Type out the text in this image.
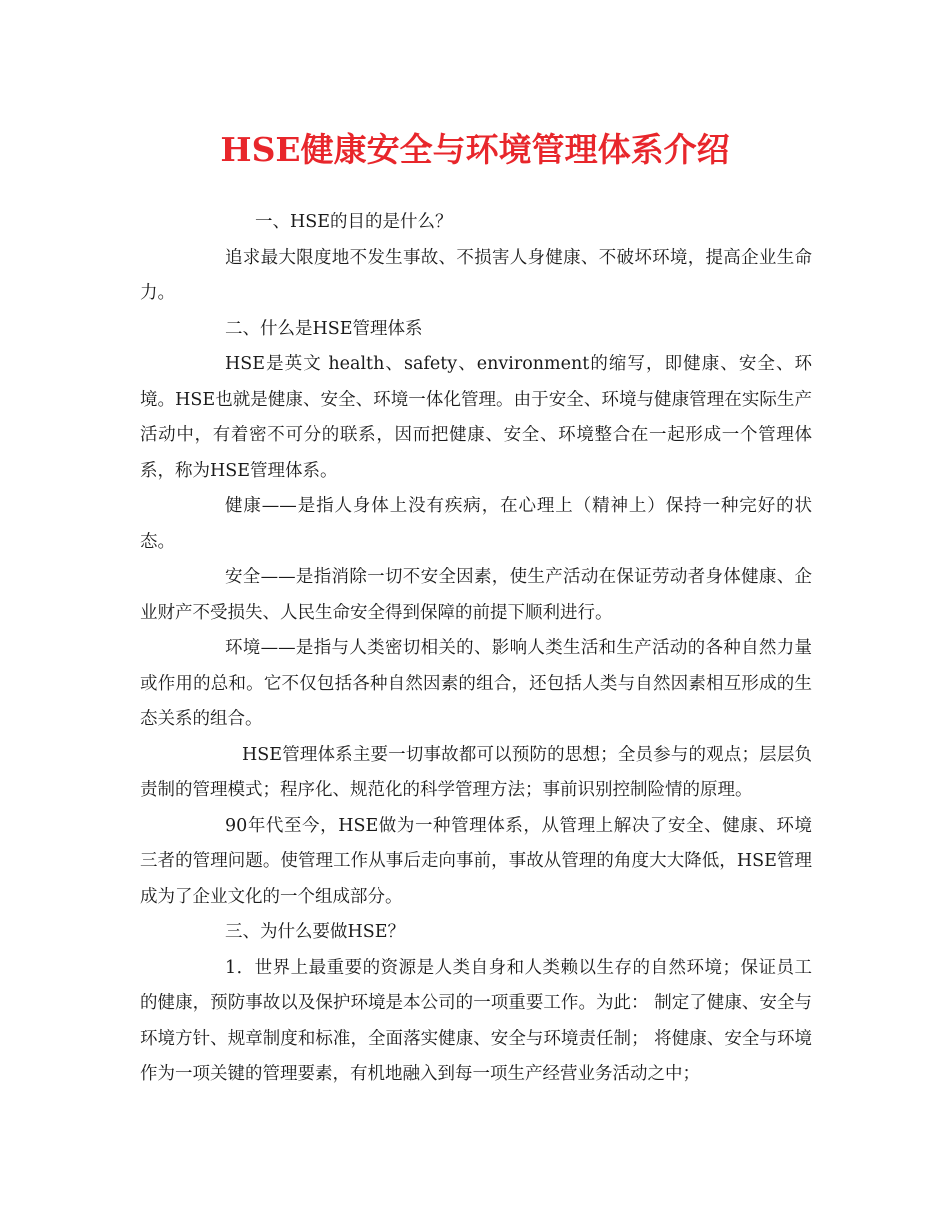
HSE健康安全与环境管理体系介绍

一、HSE的目的是什么？

追求最大限度地不发生事故、不损害人身健康、不破坏环境，提高企业生命力。

二、什么是HSE管理体系

HSE是英文 health、safety、environment的缩写，即健康、安全、环境。HSE也就是健康、安全、环境一体化管理。由于安全、环境与健康管理在实际生产活动中，有着密不可分的联系，因而把健康、安全、环境整合在一起形成一个管理体系，称为HSE管理体系。

健康——是指人身体上没有疾病，在心理上（精神上）保持一种完好的状态。

安全——是指消除一切不安全因素，使生产活动在保证劳动者身体健康、企业财产不受损失、人民生命安全得到保障的前提下顺利进行。

环境——是指与人类密切相关的、影响人类生活和生产活动的各种自然力量或作用的总和。它不仅包括各种自然因素的组合，还包括人类与自然因素相互形成的生态关系的组合。

HSE管理体系主要一切事故都可以预防的思想；全员参与的观点；层层负责制的管理模式；程序化、规范化的科学管理方法；事前识别控制险情的原理。

90年代至今，HSE做为一种管理体系，从管理上解决了安全、健康、环境三者的管理问题。使管理工作从事后走向事前，事故从管理的角度大大降低，HSE管理成为了企业文化的一个组成部分。

三、为什么要做HSE？

1．世界上最重要的资源是人类自身和人类赖以生存的自然环境；保证员工的健康，预防事故以及保护环境是本公司的一项重要工作。为此： 制定了健康、安全与环境方针、规章制度和标准，全面落实健康、安全与环境责任制； 将健康、安全与环境作为一项关键的管理要素，有机地融入到每一项生产经营业务活动之中；
